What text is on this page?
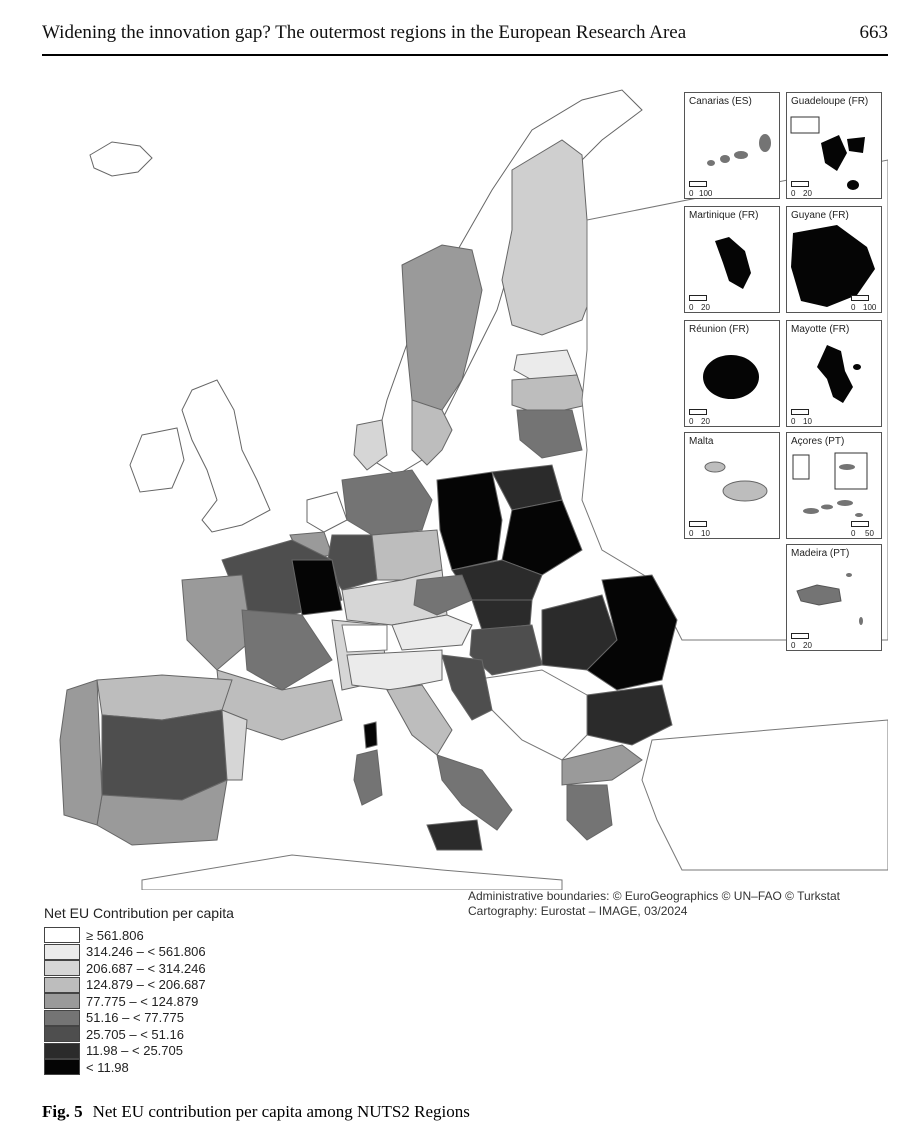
Widening the innovation gap? The outermost regions in the European Research Area	663
Canarias (ES)
0 100
Guadeloupe (FR)
0 20
Martinique (FR)
0 20
Guyane (FR)
0 100
Réunion (FR)
0 20
Mayotte (FR)
0 10
Malta
0 10
Açores (PT)
0 50
Madeira (PT)
0 20
Administrative boundaries: © EuroGeographics © UN–FAO © Turkstat
Cartography: Eurostat – IMAGE, 03/2024
Net EU Contribution per capita
≥ 561.806
314.246 – < 561.806
206.687 – < 314.246
124.879 – < 206.687
77.775 – < 124.879
51.16 – < 77.775
25.705 – < 51.16
11.98 – < 25.705
< 11.98
Fig. 5 Net EU contribution per capita among NUTS2 Regions
